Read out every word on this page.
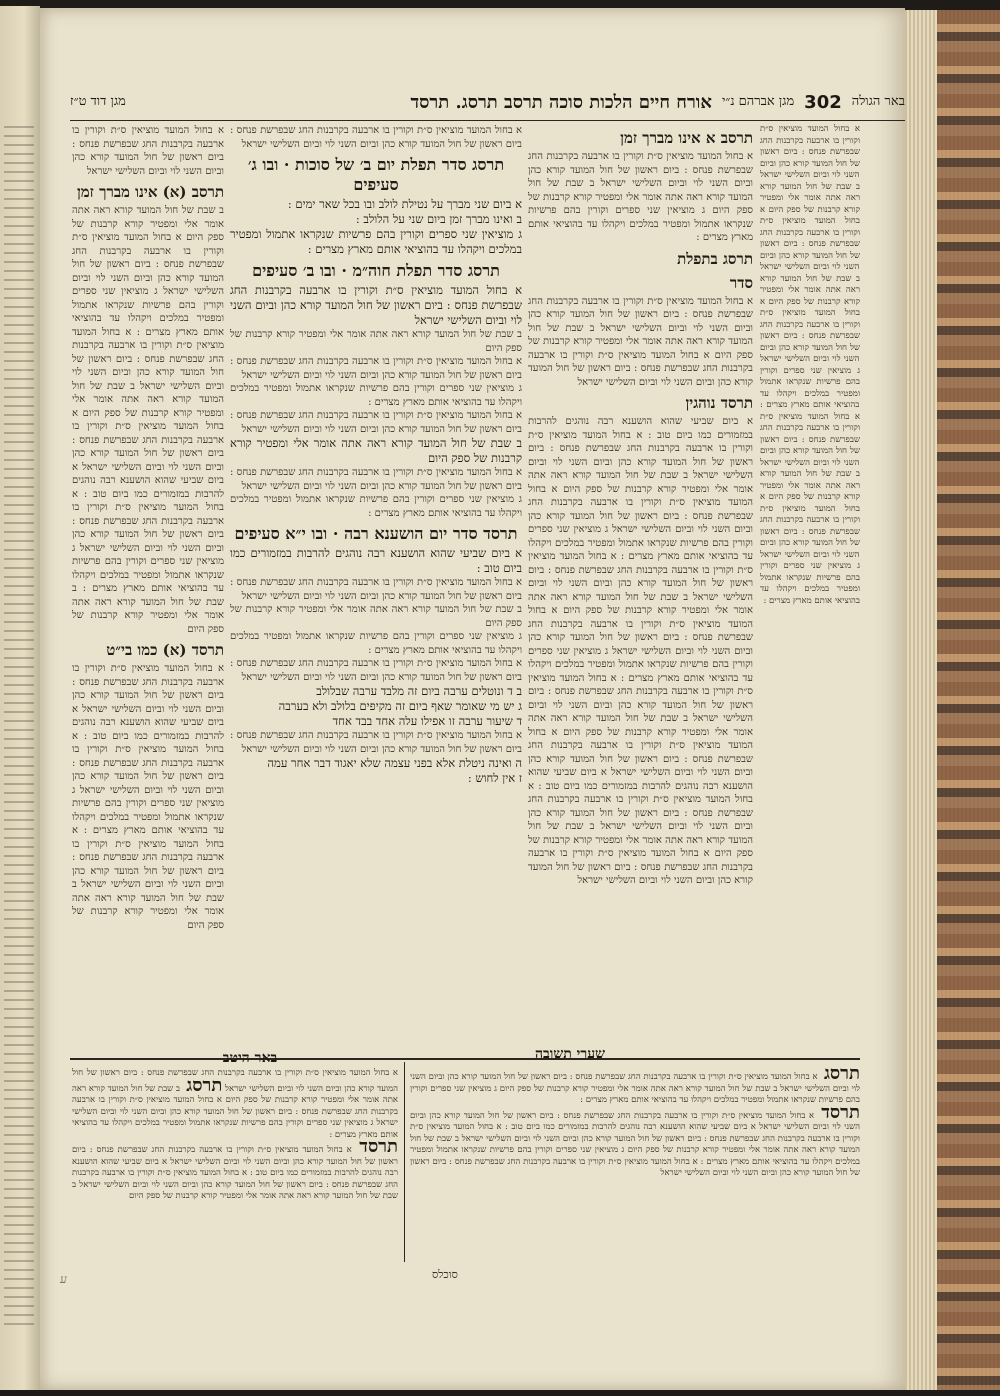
באר הגולה
302
מגן אברהם נ״י
אורח חיים הלכות סוכה תרסב תרסג. תרסד
מגן דוד ט״ז
א בחול המועד מוציאין ס״ת וקורין בו ארבעה בקרבנות החג שבפרשת פנחס : ביום ראשון של חול המועד קורא כהן וביום השני לוי וביום השלישי ישראל ב שבת של חול המועד קורא ראה אתה אומר אלי ומפטיר קורא קרבנות של ספק היום א בחול המועד מוציאין ס״ת וקורין בו ארבעה בקרבנות החג שבפרשת פנחס : ביום ראשון של חול המועד קורא כהן וביום השני לוי וביום השלישי ישראל ב שבת של חול המועד קורא ראה אתה אומר אלי ומפטיר קורא קרבנות של ספק היום א בחול המועד מוציאין ס״ת וקורין בו ארבעה בקרבנות החג שבפרשת פנחס : ביום ראשון של חול המועד קורא כהן וביום השני לוי וביום השלישי ישראל ג מוציאין שני ספרים וקורין בהם פרשיות שנקראו אתמול ומפטיר במלכים ויקהלו עד בהוציאי אותם מארץ מצרים : א בחול המועד מוציאין ס״ת וקורין בו ארבעה בקרבנות החג שבפרשת פנחס : ביום ראשון של חול המועד קורא כהן וביום השני לוי וביום השלישי ישראל ב שבת של חול המועד קורא ראה אתה אומר אלי ומפטיר קורא קרבנות של ספק היום א בחול המועד מוציאין ס״ת וקורין בו ארבעה בקרבנות החג שבפרשת פנחס : ביום ראשון של חול המועד קורא כהן וביום השני לוי וביום השלישי ישראל ג מוציאין שני ספרים וקורין בהם פרשיות שנקראו אתמול ומפטיר במלכים ויקהלו עד בהוציאי אותם מארץ מצרים :
תרסב א אינו מברך זמן
א בחול המועד מוציאין ס״ת וקורין בו ארבעה בקרבנות החג שבפרשת פנחס : ביום ראשון של חול המועד קורא כהן וביום השני לוי וביום השלישי ישראל ב שבת של חול המועד קורא ראה אתה אומר אלי ומפטיר קורא קרבנות של ספק היום ג מוציאין שני ספרים וקורין בהם פרשיות שנקראו אתמול ומפטיר במלכים ויקהלו עד בהוציאי אותם מארץ מצרים :
תרסג בתפלת
סדר
א בחול המועד מוציאין ס״ת וקורין בו ארבעה בקרבנות החג שבפרשת פנחס : ביום ראשון של חול המועד קורא כהן וביום השני לוי וביום השלישי ישראל ב שבת של חול המועד קורא ראה אתה אומר אלי ומפטיר קורא קרבנות של ספק היום א בחול המועד מוציאין ס״ת וקורין בו ארבעה בקרבנות החג שבפרשת פנחס : ביום ראשון של חול המועד קורא כהן וביום השני לוי וביום השלישי ישראל
תרסד נוהגין
א ביום שביעי שהוא הושענא רבה נוהגים להרבות במזמורים כמו ביום טוב : א בחול המועד מוציאין ס״ת וקורין בו ארבעה בקרבנות החג שבפרשת פנחס : ביום ראשון של חול המועד קורא כהן וביום השני לוי וביום השלישי ישראל ב שבת של חול המועד קורא ראה אתה אומר אלי ומפטיר קורא קרבנות של ספק היום א בחול המועד מוציאין ס״ת וקורין בו ארבעה בקרבנות החג שבפרשת פנחס : ביום ראשון של חול המועד קורא כהן וביום השני לוי וביום השלישי ישראל ג מוציאין שני ספרים וקורין בהם פרשיות שנקראו אתמול ומפטיר במלכים ויקהלו עד בהוציאי אותם מארץ מצרים : א בחול המועד מוציאין ס״ת וקורין בו ארבעה בקרבנות החג שבפרשת פנחס : ביום ראשון של חול המועד קורא כהן וביום השני לוי וביום השלישי ישראל ב שבת של חול המועד קורא ראה אתה אומר אלי ומפטיר קורא קרבנות של ספק היום א בחול המועד מוציאין ס״ת וקורין בו ארבעה בקרבנות החג שבפרשת פנחס : ביום ראשון של חול המועד קורא כהן וביום השני לוי וביום השלישי ישראל ג מוציאין שני ספרים וקורין בהם פרשיות שנקראו אתמול ומפטיר במלכים ויקהלו עד בהוציאי אותם מארץ מצרים : א בחול המועד מוציאין ס״ת וקורין בו ארבעה בקרבנות החג שבפרשת פנחס : ביום ראשון של חול המועד קורא כהן וביום השני לוי וביום השלישי ישראל ב שבת של חול המועד קורא ראה אתה אומר אלי ומפטיר קורא קרבנות של ספק היום א בחול המועד מוציאין ס״ת וקורין בו ארבעה בקרבנות החג שבפרשת פנחס : ביום ראשון של חול המועד קורא כהן וביום השני לוי וביום השלישי ישראל א ביום שביעי שהוא הושענא רבה נוהגים להרבות במזמורים כמו ביום טוב : א בחול המועד מוציאין ס״ת וקורין בו ארבעה בקרבנות החג שבפרשת פנחס : ביום ראשון של חול המועד קורא כהן וביום השני לוי וביום השלישי ישראל ב שבת של חול המועד קורא ראה אתה אומר אלי ומפטיר קורא קרבנות של ספק היום א בחול המועד מוציאין ס״ת וקורין בו ארבעה בקרבנות החג שבפרשת פנחס : ביום ראשון של חול המועד קורא כהן וביום השני לוי וביום השלישי ישראל
א בחול המועד מוציאין ס״ת וקורין בו ארבעה בקרבנות החג שבפרשת פנחס : ביום ראשון של חול המועד קורא כהן וביום השני לוי וביום השלישי ישראל
תרסג סדר תפלת יום ב׳ של סוכות · ובו ג׳ סעיפים
א ביום שני מברך על נטילת לולב ובו בכל שאר ימים :
ב ואינו מברך זמן ביום שני על הלולב :
ג מוציאין שני ספרים וקורין בהם פרשיות שנקראו אתמול ומפטיר במלכים ויקהלו עד בהוציאי אותם מארץ מצרים :
תרסג סדר תפלת חוה״מ · ובו ב׳ סעיפים
א בחול המועד מוציאין ס״ת וקורין בו ארבעה בקרבנות החג שבפרשת פנחס : ביום ראשון של חול המועד קורא כהן וביום השני לוי וביום השלישי ישראל
ב שבת של חול המועד קורא ראה אתה אומר אלי ומפטיר קורא קרבנות של ספק היום
א בחול המועד מוציאין ס״ת וקורין בו ארבעה בקרבנות החג שבפרשת פנחס : ביום ראשון של חול המועד קורא כהן וביום השני לוי וביום השלישי ישראל
ג מוציאין שני ספרים וקורין בהם פרשיות שנקראו אתמול ומפטיר במלכים ויקהלו עד בהוציאי אותם מארץ מצרים :
א בחול המועד מוציאין ס״ת וקורין בו ארבעה בקרבנות החג שבפרשת פנחס : ביום ראשון של חול המועד קורא כהן וביום השני לוי וביום השלישי ישראל
ב שבת של חול המועד קורא ראה אתה אומר אלי ומפטיר קורא קרבנות של ספק היום
א בחול המועד מוציאין ס״ת וקורין בו ארבעה בקרבנות החג שבפרשת פנחס : ביום ראשון של חול המועד קורא כהן וביום השני לוי וביום השלישי ישראל
ג מוציאין שני ספרים וקורין בהם פרשיות שנקראו אתמול ומפטיר במלכים ויקהלו עד בהוציאי אותם מארץ מצרים :
תרסד סדר יום הושענא רבה · ובו י״א סעיפים
א ביום שביעי שהוא הושענא רבה נוהגים להרבות במזמורים כמו ביום טוב :
א בחול המועד מוציאין ס״ת וקורין בו ארבעה בקרבנות החג שבפרשת פנחס : ביום ראשון של חול המועד קורא כהן וביום השני לוי וביום השלישי ישראל
ב שבת של חול המועד קורא ראה אתה אומר אלי ומפטיר קורא קרבנות של ספק היום
ג מוציאין שני ספרים וקורין בהם פרשיות שנקראו אתמול ומפטיר במלכים ויקהלו עד בהוציאי אותם מארץ מצרים :
א בחול המועד מוציאין ס״ת וקורין בו ארבעה בקרבנות החג שבפרשת פנחס : ביום ראשון של חול המועד קורא כהן וביום השני לוי וביום השלישי ישראל
ב ד ונוטלים ערבה ביום זה מלבד ערבה שבלולב
ג יש מי שאומר שאף ביום זה מקיפים בלולב ולא בערבה
ד שיעור ערבה זו אפילו עלה אחד בבד אחד
א בחול המועד מוציאין ס״ת וקורין בו ארבעה בקרבנות החג שבפרשת פנחס : ביום ראשון של חול המועד קורא כהן וביום השני לוי וביום השלישי ישראל
ה ואינה ניטלת אלא בפני עצמה שלא יאגוד דבר אחר עמה
ז אין לחוש :
א בחול המועד מוציאין ס״ת וקורין בו ארבעה בקרבנות החג שבפרשת פנחס : ביום ראשון של חול המועד קורא כהן וביום השני לוי וביום השלישי ישראל
תרסב (א) אינו מברך זמן
ב שבת של חול המועד קורא ראה אתה אומר אלי ומפטיר קורא קרבנות של ספק היום א בחול המועד מוציאין ס״ת וקורין בו ארבעה בקרבנות החג שבפרשת פנחס : ביום ראשון של חול המועד קורא כהן וביום השני לוי וביום השלישי ישראל ג מוציאין שני ספרים וקורין בהם פרשיות שנקראו אתמול ומפטיר במלכים ויקהלו עד בהוציאי אותם מארץ מצרים : א בחול המועד מוציאין ס״ת וקורין בו ארבעה בקרבנות החג שבפרשת פנחס : ביום ראשון של חול המועד קורא כהן וביום השני לוי וביום השלישי ישראל ב שבת של חול המועד קורא ראה אתה אומר אלי ומפטיר קורא קרבנות של ספק היום א בחול המועד מוציאין ס״ת וקורין בו ארבעה בקרבנות החג שבפרשת פנחס : ביום ראשון של חול המועד קורא כהן וביום השני לוי וביום השלישי ישראל א ביום שביעי שהוא הושענא רבה נוהגים להרבות במזמורים כמו ביום טוב : א בחול המועד מוציאין ס״ת וקורין בו ארבעה בקרבנות החג שבפרשת פנחס : ביום ראשון של חול המועד קורא כהן וביום השני לוי וביום השלישי ישראל ג מוציאין שני ספרים וקורין בהם פרשיות שנקראו אתמול ומפטיר במלכים ויקהלו עד בהוציאי אותם מארץ מצרים : ב שבת של חול המועד קורא ראה אתה אומר אלי ומפטיר קורא קרבנות של ספק היום
תרסד (א) כמו בי״ט
א בחול המועד מוציאין ס״ת וקורין בו ארבעה בקרבנות החג שבפרשת פנחס : ביום ראשון של חול המועד קורא כהן וביום השני לוי וביום השלישי ישראל א ביום שביעי שהוא הושענא רבה נוהגים להרבות במזמורים כמו ביום טוב : א בחול המועד מוציאין ס״ת וקורין בו ארבעה בקרבנות החג שבפרשת פנחס : ביום ראשון של חול המועד קורא כהן וביום השני לוי וביום השלישי ישראל ג מוציאין שני ספרים וקורין בהם פרשיות שנקראו אתמול ומפטיר במלכים ויקהלו עד בהוציאי אותם מארץ מצרים : א בחול המועד מוציאין ס״ת וקורין בו ארבעה בקרבנות החג שבפרשת פנחס : ביום ראשון של חול המועד קורא כהן וביום השני לוי וביום השלישי ישראל ב שבת של חול המועד קורא ראה אתה אומר אלי ומפטיר קורא קרבנות של ספק היום
שערי תשובה
באר היטב
תרסג א בחול המועד מוציאין ס״ת וקורין בו ארבעה בקרבנות החג שבפרשת פנחס : ביום ראשון של חול המועד קורא כהן וביום השני לוי וביום השלישי ישראל ב שבת של חול המועד קורא ראה אתה אומר אלי ומפטיר קורא קרבנות של ספק היום ג מוציאין שני ספרים וקורין בהם פרשיות שנקראו אתמול ומפטיר במלכים ויקהלו עד בהוציאי אותם מארץ מצרים :
תרסד א בחול המועד מוציאין ס״ת וקורין בו ארבעה בקרבנות החג שבפרשת פנחס : ביום ראשון של חול המועד קורא כהן וביום השני לוי וביום השלישי ישראל א ביום שביעי שהוא הושענא רבה נוהגים להרבות במזמורים כמו ביום טוב : א בחול המועד מוציאין ס״ת וקורין בו ארבעה בקרבנות החג שבפרשת פנחס : ביום ראשון של חול המועד קורא כהן וביום השני לוי וביום השלישי ישראל ב שבת של חול המועד קורא ראה אתה אומר אלי ומפטיר קורא קרבנות של ספק היום ג מוציאין שני ספרים וקורין בהם פרשיות שנקראו אתמול ומפטיר במלכים ויקהלו עד בהוציאי אותם מארץ מצרים : א בחול המועד מוציאין ס״ת וקורין בו ארבעה בקרבנות החג שבפרשת פנחס : ביום ראשון של חול המועד קורא כהן וביום השני לוי וביום השלישי ישראל
א בחול המועד מוציאין ס״ת וקורין בו ארבעה בקרבנות החג שבפרשת פנחס : ביום ראשון של חול המועד קורא כהן וביום השני לוי וביום השלישי ישראל תרסג ב שבת של חול המועד קורא ראה אתה אומר אלי ומפטיר קורא קרבנות של ספק היום א בחול המועד מוציאין ס״ת וקורין בו ארבעה בקרבנות החג שבפרשת פנחס : ביום ראשון של חול המועד קורא כהן וביום השני לוי וביום השלישי ישראל ג מוציאין שני ספרים וקורין בהם פרשיות שנקראו אתמול ומפטיר במלכים ויקהלו עד בהוציאי אותם מארץ מצרים :
תרסד א בחול המועד מוציאין ס״ת וקורין בו ארבעה בקרבנות החג שבפרשת פנחס : ביום ראשון של חול המועד קורא כהן וביום השני לוי וביום השלישי ישראל א ביום שביעי שהוא הושענא רבה נוהגים להרבות במזמורים כמו ביום טוב : א בחול המועד מוציאין ס״ת וקורין בו ארבעה בקרבנות החג שבפרשת פנחס : ביום ראשון של חול המועד קורא כהן וביום השני לוי וביום השלישי ישראל ב שבת של חול המועד קורא ראה אתה אומר אלי ומפטיר קורא קרבנות של ספק היום
סוכלס
ע
